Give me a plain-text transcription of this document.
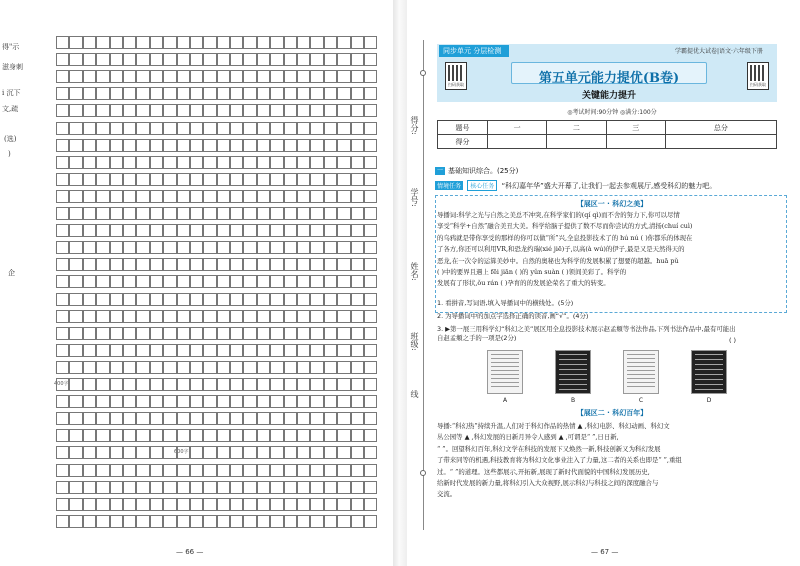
得"示
滋身刺
i 沉下
文,疏
(选)
)
企
400字
600字
— 66 —
得分:
学号:
姓名:
班级:
线
同步单元 分层检测	学霸提优大试卷|语文·六年级下册
扫码获取	扫码获取
第五单元能力提优(B卷)
关键能力提升
◎考试时间:90分钟 ◎满分:100分
题号	一	二	三	总分
得分				
一 基础知识综合。(25分)
情境任务 核心任务 “科幻嘉年华”盛大开幕了,让我们一起去参观展厅,感受科幻的魅力吧。
【展区一 · 科幻之美】
导播词:科学之光与自然之美总不冲突,在科学家们的(qí qì)而不舍的努力下,你可以尽情
享受“科学+自然”融合美丑大美。科学给脑子提供了数不尽而你尝试的方式,清扬(chuí cuì)
的乌鸦就是带你享受的那样的你可以做“所”兴,全息投影技术了的 hú nú ( )你都乐的体现在
了各方,你还可以利用VR,和恐龙约瑞(xié jiē)子,以高(à wú)的伊子,最是又是天然得天的
恶龙,在一次令的运算美妙中。自然的奥秘也为科学的发展积累了想要的超越。huā pǔ
( )中的要界且遇上 fēi jiān ( )的 yǔn suàn ( )领间美彩了。科学的
发展有了形状,ǒu rán ( )孕育的的发展论荣名了重大的转变。
1. 看拼音,写词语,填入导播词中的横线处。(5分)
2. 为导播词中的加点字选择正确的读音,画“√”。(4分)
3. ▶第一展三用科学幻“科幻之美”展区用全息投影技术展示赵孟頫等书法作品,下列书法作品中,最有可能出自赵孟頫之手的一项是(2分)	( )
A	B	C	D
【展区二 · 科幻百年】
导播:“科幻热”持续升温,人们对于科幻作品的热情 ▲ ,科幻电影、科幻动画、科幻文
丛公园等 ▲ ,科幻发展的日新月异令人感到 ▲ ,可谓是“ ”,日日新,
“ ”。回望科幻百年,科幻文学在科技的发展下又焕然一新,科技创新又为科幻发展
了带来同等的机遇,科技教育将为科幻文化事业注入了力量,这二者的关系也即是“ ”,重组
过。“ ”的道理。这些都展示,开拓新,展现了新时代面貌的中国科幻发展历史,
给新时代发展的新力量,将科幻引入大众视野,展示科幻与科技之间的深度融合与
交流。
— 67 —
